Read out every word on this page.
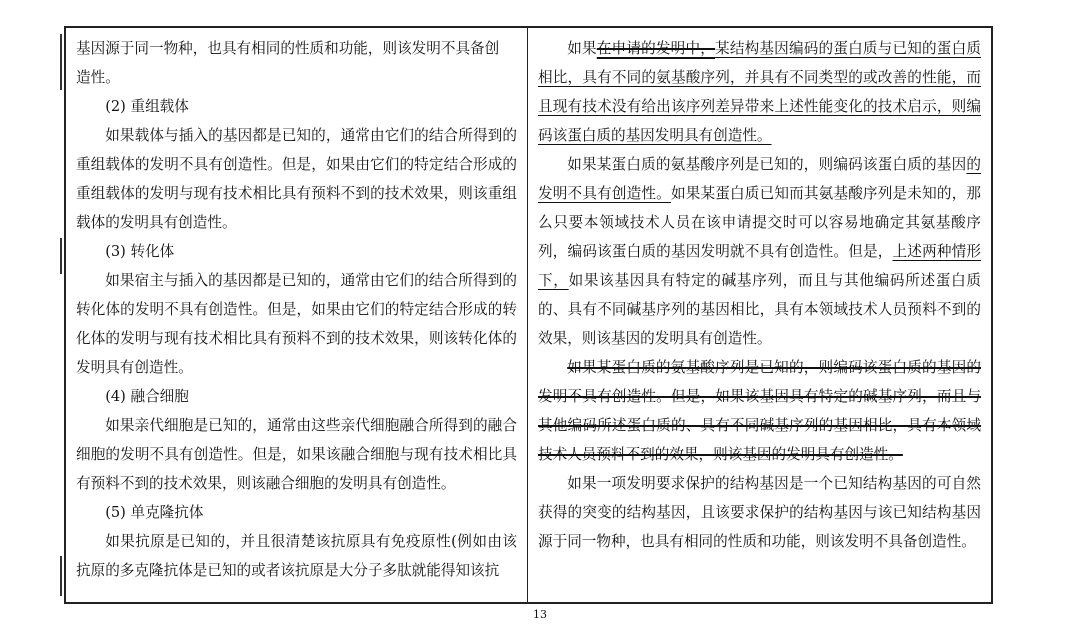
基因源于同一物种，也具有相同的性质和功能，则该发明不具备创
造性。

(2) 重组载体

如果载体与插入的基因都是已知的，通常由它们的结合所得到的重组载体的发明不具有创造性。但是，如果由它们的特定结合形成的重组载体的发明与现有技术相比具有预料不到的技术效果，则该重组载体的发明具有创造性。

(3) 转化体

如果宿主与插入的基因都是已知的，通常由它们的结合所得到的转化体的发明不具有创造性。但是，如果由它们的特定结合形成的转化体的发明与现有技术相比具有预料不到的技术效果，则该转化体的发明具有创造性。

(4) 融合细胞

如果亲代细胞是已知的，通常由这些亲代细胞融合所得到的融合细胞的发明不具有创造性。但是，如果该融合细胞与现有技术相比具有预料不到的技术效果，则该融合细胞的发明具有创造性。

(5) 单克隆抗体

如果抗原是已知的，并且很清楚该抗原具有免疫原性(例如由该抗原的多克隆抗体是已知的或者该抗原是大分子多肽就能得知该抗

如果在申请的发明中，某结构基因编码的蛋白质与已知的蛋白质相比，具有不同的氨基酸序列，并具有不同类型的或改善的性能，而且现有技术没有给出该序列差异带来上述性能变化的技术启示，则编码该蛋白质的基因发明具有创造性。

如果某蛋白质的氨基酸序列是已知的，则编码该蛋白质的基因的发明不具有创造性。如果某蛋白质已知而其氨基酸序列是未知的，那么只要本领域技术人员在该申请提交时可以容易地确定其氨基酸序列，编码该蛋白质的基因发明就不具有创造性。但是，上述两种情形下，如果该基因具有特定的碱基序列，而且与其他编码所述蛋白质的、具有不同碱基序列的基因相比，具有本领域技术人员预料不到的效果，则该基因的发明具有创造性。

如果某蛋白质的氨基酸序列是已知的，则编码该蛋白质的基因的发明不具有创造性。但是，如果该基因具有特定的碱基序列，而且与其他编码所述蛋白质的、具有不同碱基序列的基因相比，具有本领域技术人员预料不到的效果，则该基因的发明具有创造性。

如果一项发明要求保护的结构基因是一个已知结构基因的可自然获得的突变的结构基因，且该要求保护的结构基因与该已知结构基因源于同一物种，也具有相同的性质和功能，则该发明不具备创造性。

13
